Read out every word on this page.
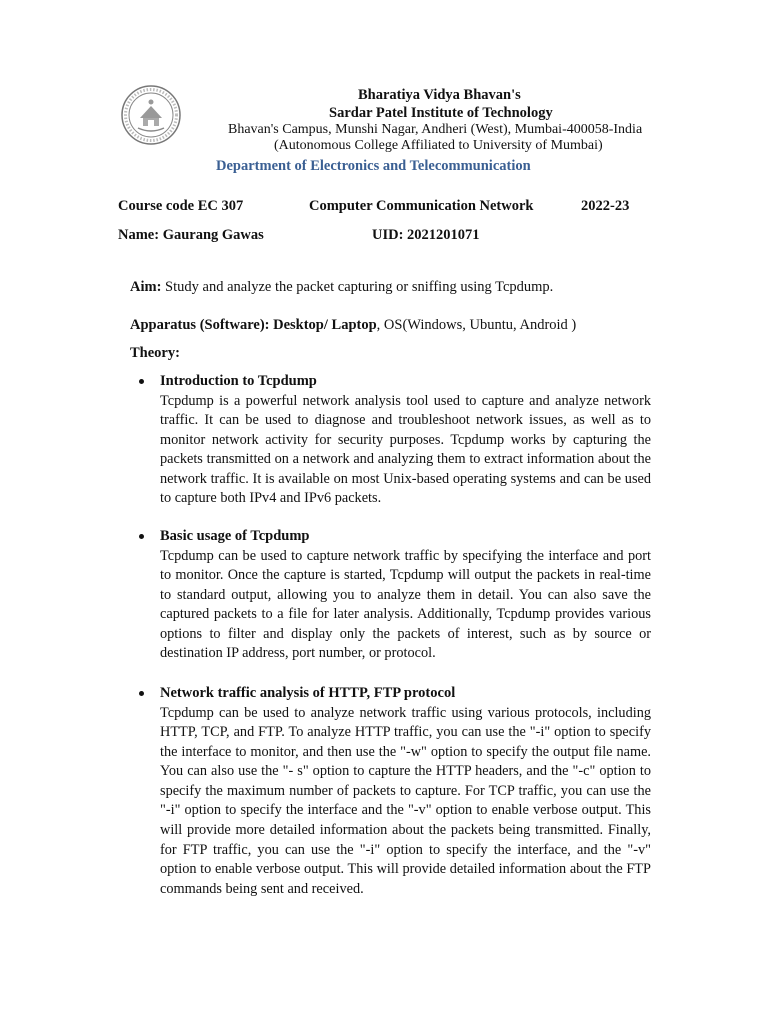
Bharatiya Vidya Bhavan's
Sardar Patel Institute of Technology
Bhavan's Campus, Munshi Nagar, Andheri (West), Mumbai-400058-India
(Autonomous College Affiliated to University of Mumbai)
Department of Electronics and Telecommunication
Course code EC 307	Computer Communication Network	2022-23
Name: Gaurang Gawas	UID: 2021201071
Aim: Study and analyze the packet capturing or sniffing using Tcpdump.
Apparatus (Software): Desktop/ Laptop, OS(Windows, Ubuntu, Android )
Theory:
Introduction to Tcpdump
Tcpdump is a powerful network analysis tool used to capture and analyze network traffic. It can be used to diagnose and troubleshoot network issues, as well as to monitor network activity for security purposes. Tcpdump works by capturing the packets transmitted on a network and analyzing them to extract information about the network traffic. It is available on most Unix-based operating systems and can be used to capture both IPv4 and IPv6 packets.
Basic usage of Tcpdump
Tcpdump can be used to capture network traffic by specifying the interface and port to monitor. Once the capture is started, Tcpdump will output the packets in real-time to standard output, allowing you to analyze them in detail. You can also save the captured packets to a file for later analysis. Additionally, Tcpdump provides various options to filter and display only the packets of interest, such as by source or destination IP address, port number, or protocol.
Network traffic analysis of HTTP, FTP protocol
Tcpdump can be used to analyze network traffic using various protocols, including HTTP, TCP, and FTP. To analyze HTTP traffic, you can use the "-i" option to specify the interface to monitor, and then use the "-w" option to specify the output file name. You can also use the "- s" option to capture the HTTP headers, and the "-c" option to specify the maximum number of packets to capture. For TCP traffic, you can use the "-i" option to specify the interface and the "-v" option to enable verbose output. This will provide more detailed information about the packets being transmitted. Finally, for FTP traffic, you can use the "-i" option to specify the interface, and the "-v" option to enable verbose output. This will provide detailed information about the FTP commands being sent and received.
